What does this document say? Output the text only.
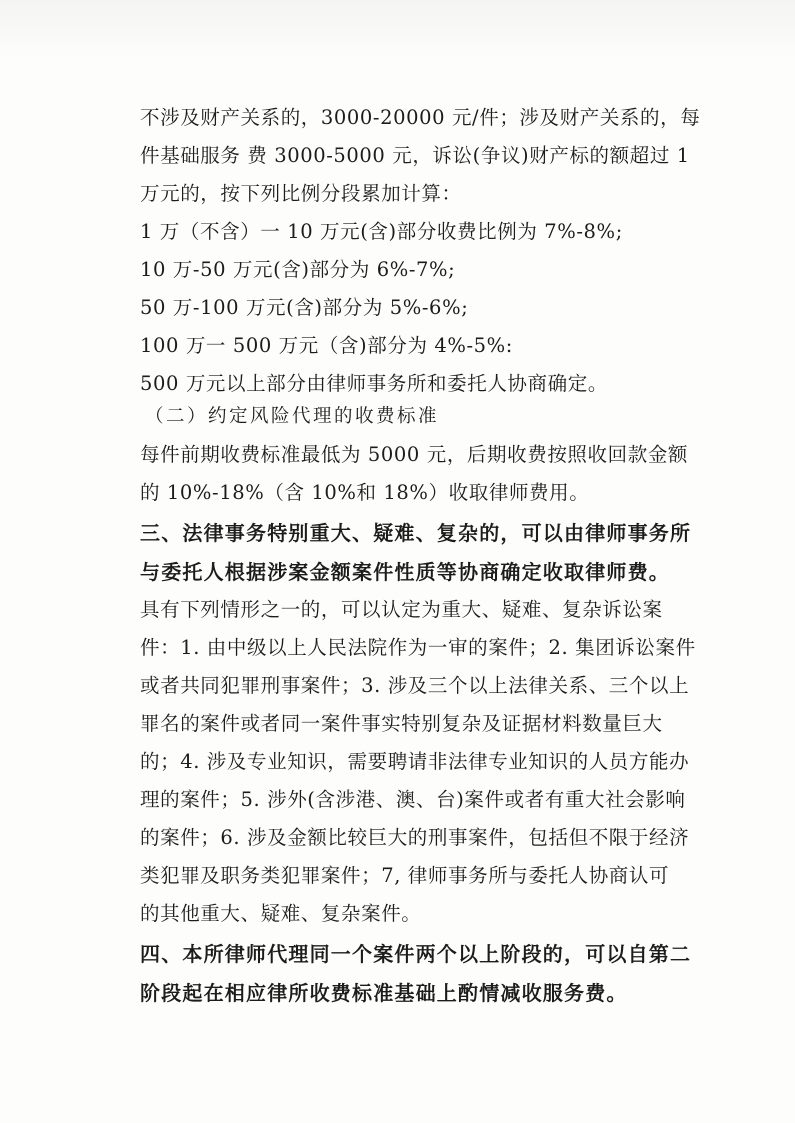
不涉及财产关系的，3000-20000 元/件；涉及财产关系的，每
件基础服务 费 3000-5000 元，诉讼(争议)财产标的额超过 1
万元的，按下列比例分段累加计算：
1 万（不含）一 10 万元(含)部分收费比例为 7%-8%;
10 万-50 万元(含)部分为 6%-7%;
50 万-100 万元(含)部分为 5%-6%;
100 万一 500 万元（含)部分为 4%-5%:
500 万元以上部分由律师事务所和委托人协商确定。
（二）约定风险代理的收费标准
每件前期收费标准最低为 5000 元，后期收费按照收回款金额
的 10%-18%（含 10%和 18%）收取律师费用。
三、法律事务特别重大、疑难、复杂的，可以由律师事务所
与委托人根据涉案金额案件性质等协商确定收取律师费。
具有下列情形之一的，可以认定为重大、疑难、复杂诉讼案
件：1. 由中级以上人民法院作为一审的案件；2. 集团诉讼案件
或者共同犯罪刑事案件；3. 涉及三个以上法律关系、三个以上
罪名的案件或者同一案件事实特别复杂及证据材料数量巨大
的；4. 涉及专业知识，需要聘请非法律专业知识的人员方能办
理的案件；5. 涉外(含涉港、澳、台)案件或者有重大社会影响
的案件；6. 涉及金额比较巨大的刑事案件，包括但不限于经济
类犯罪及职务类犯罪案件；7, 律师事务所与委托人协商认可
的其他重大、疑难、复杂案件。
四、本所律师代理同一个案件两个以上阶段的，可以自第二
阶段起在相应律所收费标准基础上酌情减收服务费。
